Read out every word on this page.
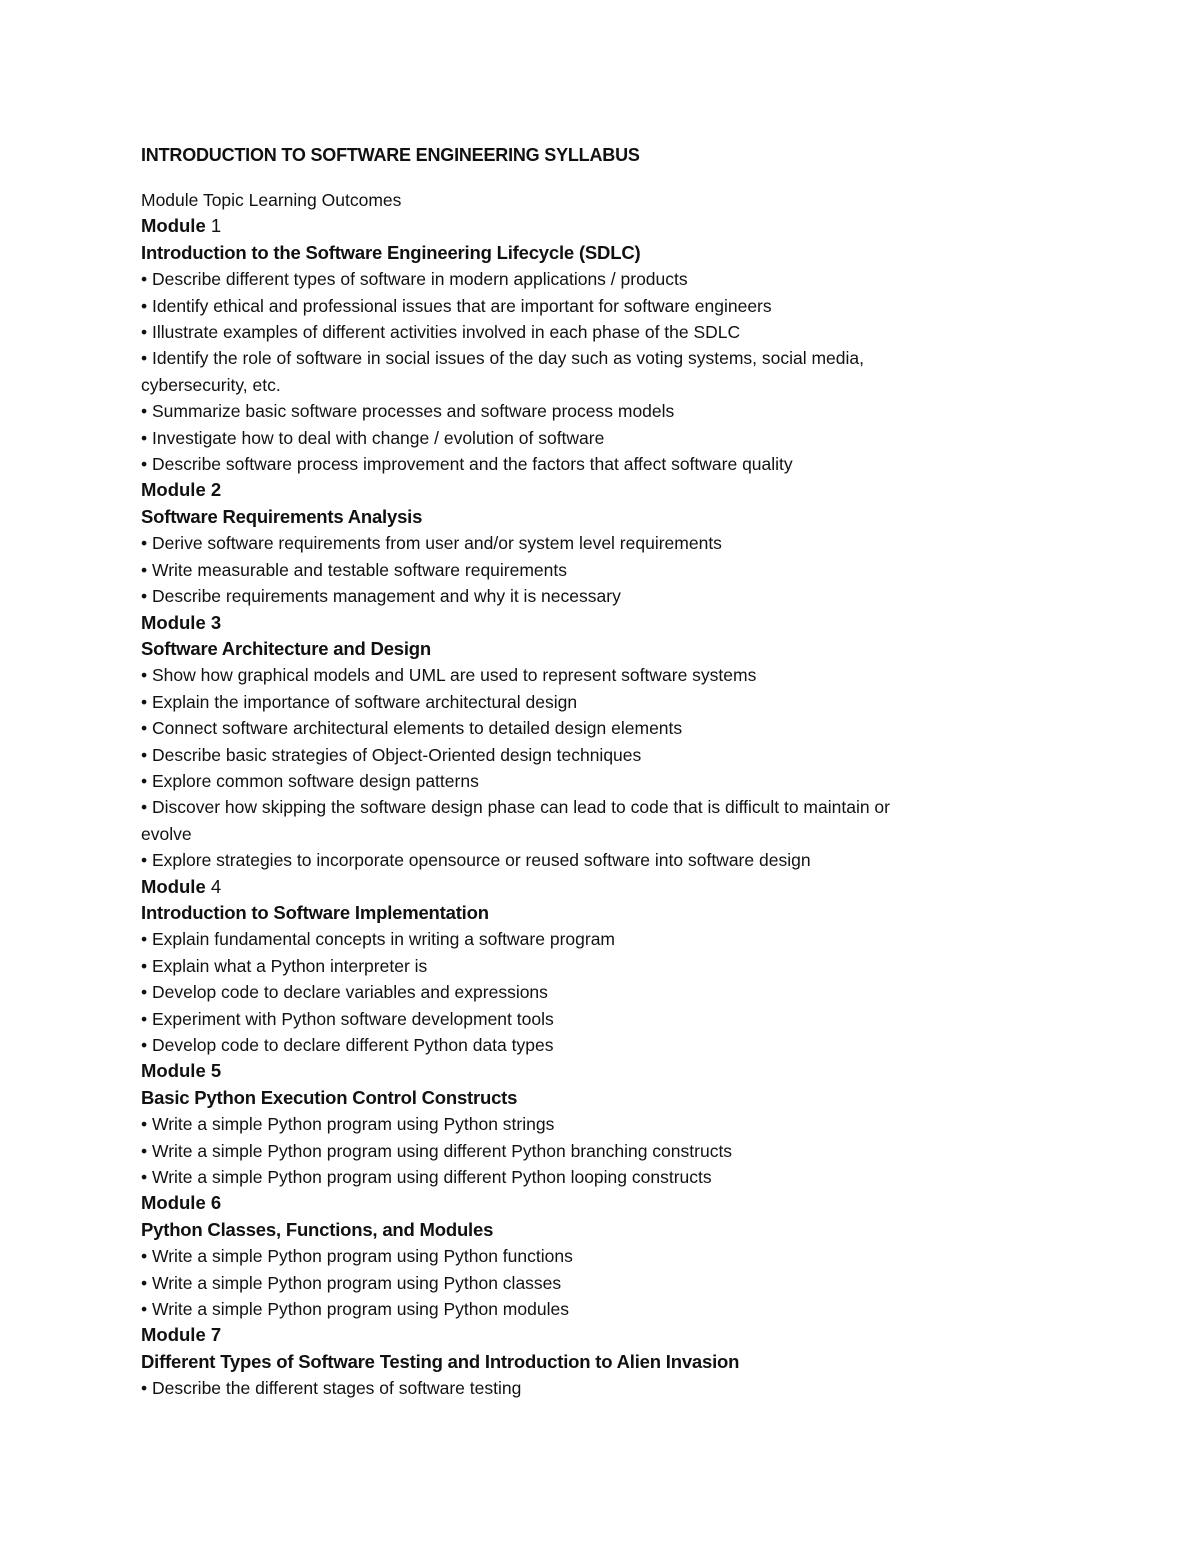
INTRODUCTION TO SOFTWARE ENGINEERING SYLLABUS
Module Topic Learning Outcomes
Module 1
Introduction to the Software Engineering Lifecycle (SDLC)
• Describe different types of software in modern applications / products
• Identify ethical and professional issues that are important for software engineers
• Illustrate examples of different activities involved in each phase of the SDLC
• Identify the role of software in social issues of the day such as voting systems, social media,
cybersecurity, etc.
• Summarize basic software processes and software process models
• Investigate how to deal with change / evolution of software
• Describe software process improvement and the factors that affect software quality
Module 2
Software Requirements Analysis
• Derive software requirements from user and/or system level requirements
• Write measurable and testable software requirements
• Describe requirements management and why it is necessary
Module 3
Software Architecture and Design
• Show how graphical models and UML are used to represent software systems
• Explain the importance of software architectural design
• Connect software architectural elements to detailed design elements
• Describe basic strategies of Object-Oriented design techniques
• Explore common software design patterns
• Discover how skipping the software design phase can lead to code that is difficult to maintain or
evolve
• Explore strategies to incorporate opensource or reused software into software design
Module 4
Introduction to Software Implementation
• Explain fundamental concepts in writing a software program
• Explain what a Python interpreter is
• Develop code to declare variables and expressions
• Experiment with Python software development tools
• Develop code to declare different Python data types
Module 5
Basic Python Execution Control Constructs
• Write a simple Python program using Python strings
• Write a simple Python program using different Python branching constructs
• Write a simple Python program using different Python looping constructs
Module 6
Python Classes, Functions, and Modules
• Write a simple Python program using Python functions
• Write a simple Python program using Python classes
• Write a simple Python program using Python modules
Module 7
Different Types of Software Testing and Introduction to Alien Invasion
• Describe the different stages of software testing
